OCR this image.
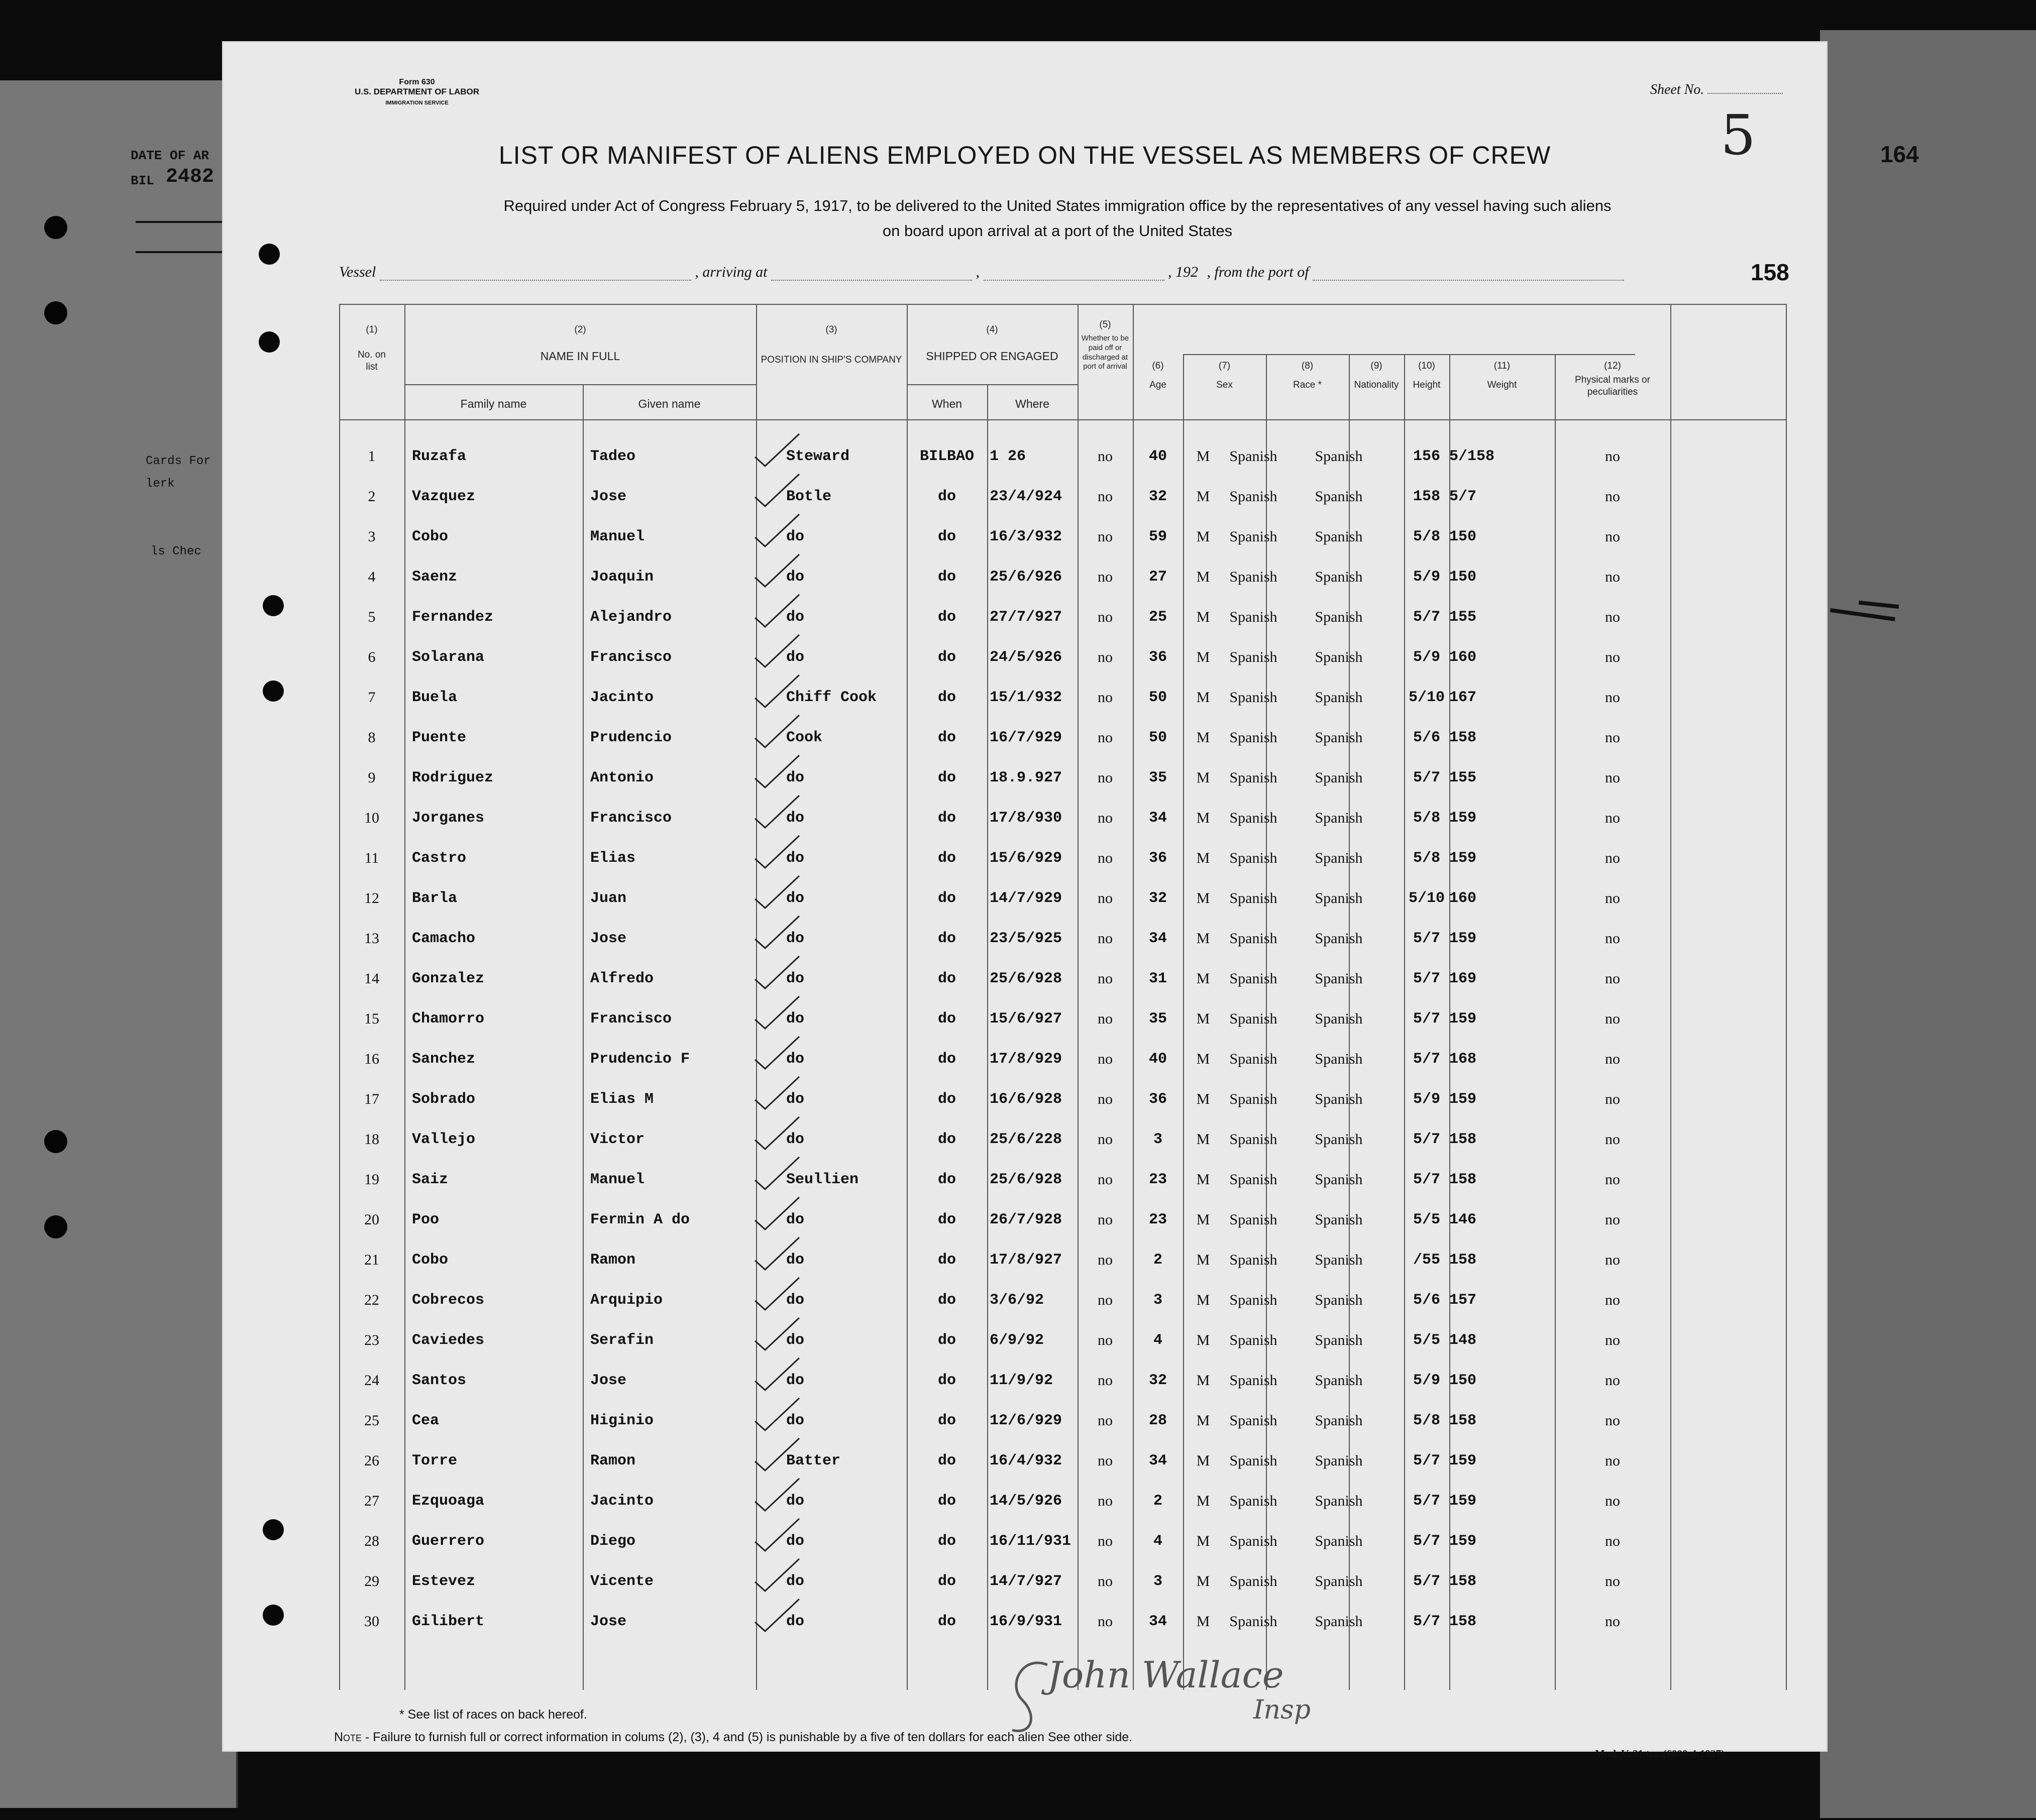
DATE OF AR
BIL 2482
Cards For
lerk
ls Chec
164
Form 630
U.S. DEPARTMENT OF LABOR
IMMIGRATION SERVICE
Sheet No.
5
158
LIST OR MANIFEST OF ALIENS EMPLOYED ON THE VESSEL AS MEMBERS OF CREW
Required under Act of Congress February 5, 1917, to be delivered to the United States immigration office by the representatives of any vessel having such aliens
on board upon arrival at a port of the United States
Vessel	, arriving at	,	, 192 , from the port of
(1)
No. on list
(2)
NAME IN FULL
Family name	Given name
(3)
POSITION IN SHIP'S COMPANY
(4)
SHIPPED OR ENGAGED
When	Where
(5)
Whether to be paid off or discharged at port of arrival	(6)
Age
(7)
Sex
(8)
Race *
(9)
Nationality
(10)
Height
(11)
Weight
(12)
Physical marks or peculiarities
1	Ruzafa	Tadeo	Steward	BILBAO	1 26	no	40	M	Spanish	Spanish	156 5/158	no
2	Vazquez	Jose	Botle	do	23/4/924	no	32	M	Spanish	Spanish	158 5/7	no
3	Cobo	Manuel	do	do	16/3/932	no	59	M	Spanish	Spanish	5/8 150	no
4	Saenz	Joaquin	do	do	25/6/926	no	27	M	Spanish	Spanish	5/9 150	no
5	Fernandez	Alejandro	do	do	27/7/927	no	25	M	Spanish	Spanish	5/7 155	no
6	Solarana	Francisco	do	do	24/5/926	no	36	M	Spanish	Spanish	5/9 160	no
7	Buela	Jacinto	Chiff Cook	do	15/1/932	no	50	M	Spanish	Spanish	5/10 167	no
8	Puente	Prudencio	Cook	do	16/7/929	no	50	M	Spanish	Spanish	5/6 158	no
9	Rodriguez	Antonio	do	do	18.9.927	no	35	M	Spanish	Spanish	5/7 155	no
10	Jorganes	Francisco	do	do	17/8/930	no	34	M	Spanish	Spanish	5/8 159	no
11	Castro	Elias	do	do	15/6/929	no	36	M	Spanish	Spanish	5/8 159	no
12	Barla	Juan	do	do	14/7/929	no	32	M	Spanish	Spanish	5/10 160	no
13	Camacho	Jose	do	do	23/5/925	no	34	M	Spanish	Spanish	5/7 159	no
14	Gonzalez	Alfredo	do	do	25/6/928	no	31	M	Spanish	Spanish	5/7 169	no
15	Chamorro	Francisco	do	do	15/6/927	no	35	M	Spanish	Spanish	5/7 159	no
16	Sanchez	Prudencio F	do	do	17/8/929	no	40	M	Spanish	Spanish	5/7 168	no
17	Sobrado	Elias M	do	do	16/6/928	no	36	M	Spanish	Spanish	5/9 159	no
18	Vallejo	Victor	do	do	25/6/228	no	3	M	Spanish	Spanish	5/7 158	no
19	Saiz	Manuel	Seullien	do	25/6/928	no	23	M	Spanish	Spanish	5/7 158	no
20	Poo	Fermin A do	do	do	26/7/928	no	23	M	Spanish	Spanish	5/5 146	no
21	Cobo	Ramon	do	do	17/8/927	no	2	M	Spanish	Spanish	/55 158	no
22	Cobrecos	Arquipio	do	do	3/6/92	no	3	M	Spanish	Spanish	5/6 157	no
23	Caviedes	Serafin	do	do	6/9/92	no	4	M	Spanish	Spanish	5/5 148	no
24	Santos	Jose	do	do	11/9/92	no	32	M	Spanish	Spanish	5/9 150	no
25	Cea	Higinio	do	do	12/6/929	no	28	M	Spanish	Spanish	5/8 158	no
26	Torre	Ramon	Batter	do	16/4/932	no	34	M	Spanish	Spanish	5/7 159	no
27	Ezquoaga	Jacinto	do	do	14/5/926	no	2	M	Spanish	Spanish	5/7 159	no
28	Guerrero	Diego	do	do	16/11/931	no	4	M	Spanish	Spanish	5/7 159	no
29	Estevez	Vicente	do	do	14/7/927	no	3	M	Spanish	Spanish	5/7 158	no
30	Gilibert	Jose	do	do	16/9/931	no	34	M	Spanish	Spanish	5/7 158	no
John Wallace
Insp
* See list of races on back hereof.
Note - Failure to furnish full or correct information in colums (2), (3), 4 and (5) is punishable by a five of ten dollars for each alien See other side.
Mod. V. 31 ter. (6000-4-1927).
